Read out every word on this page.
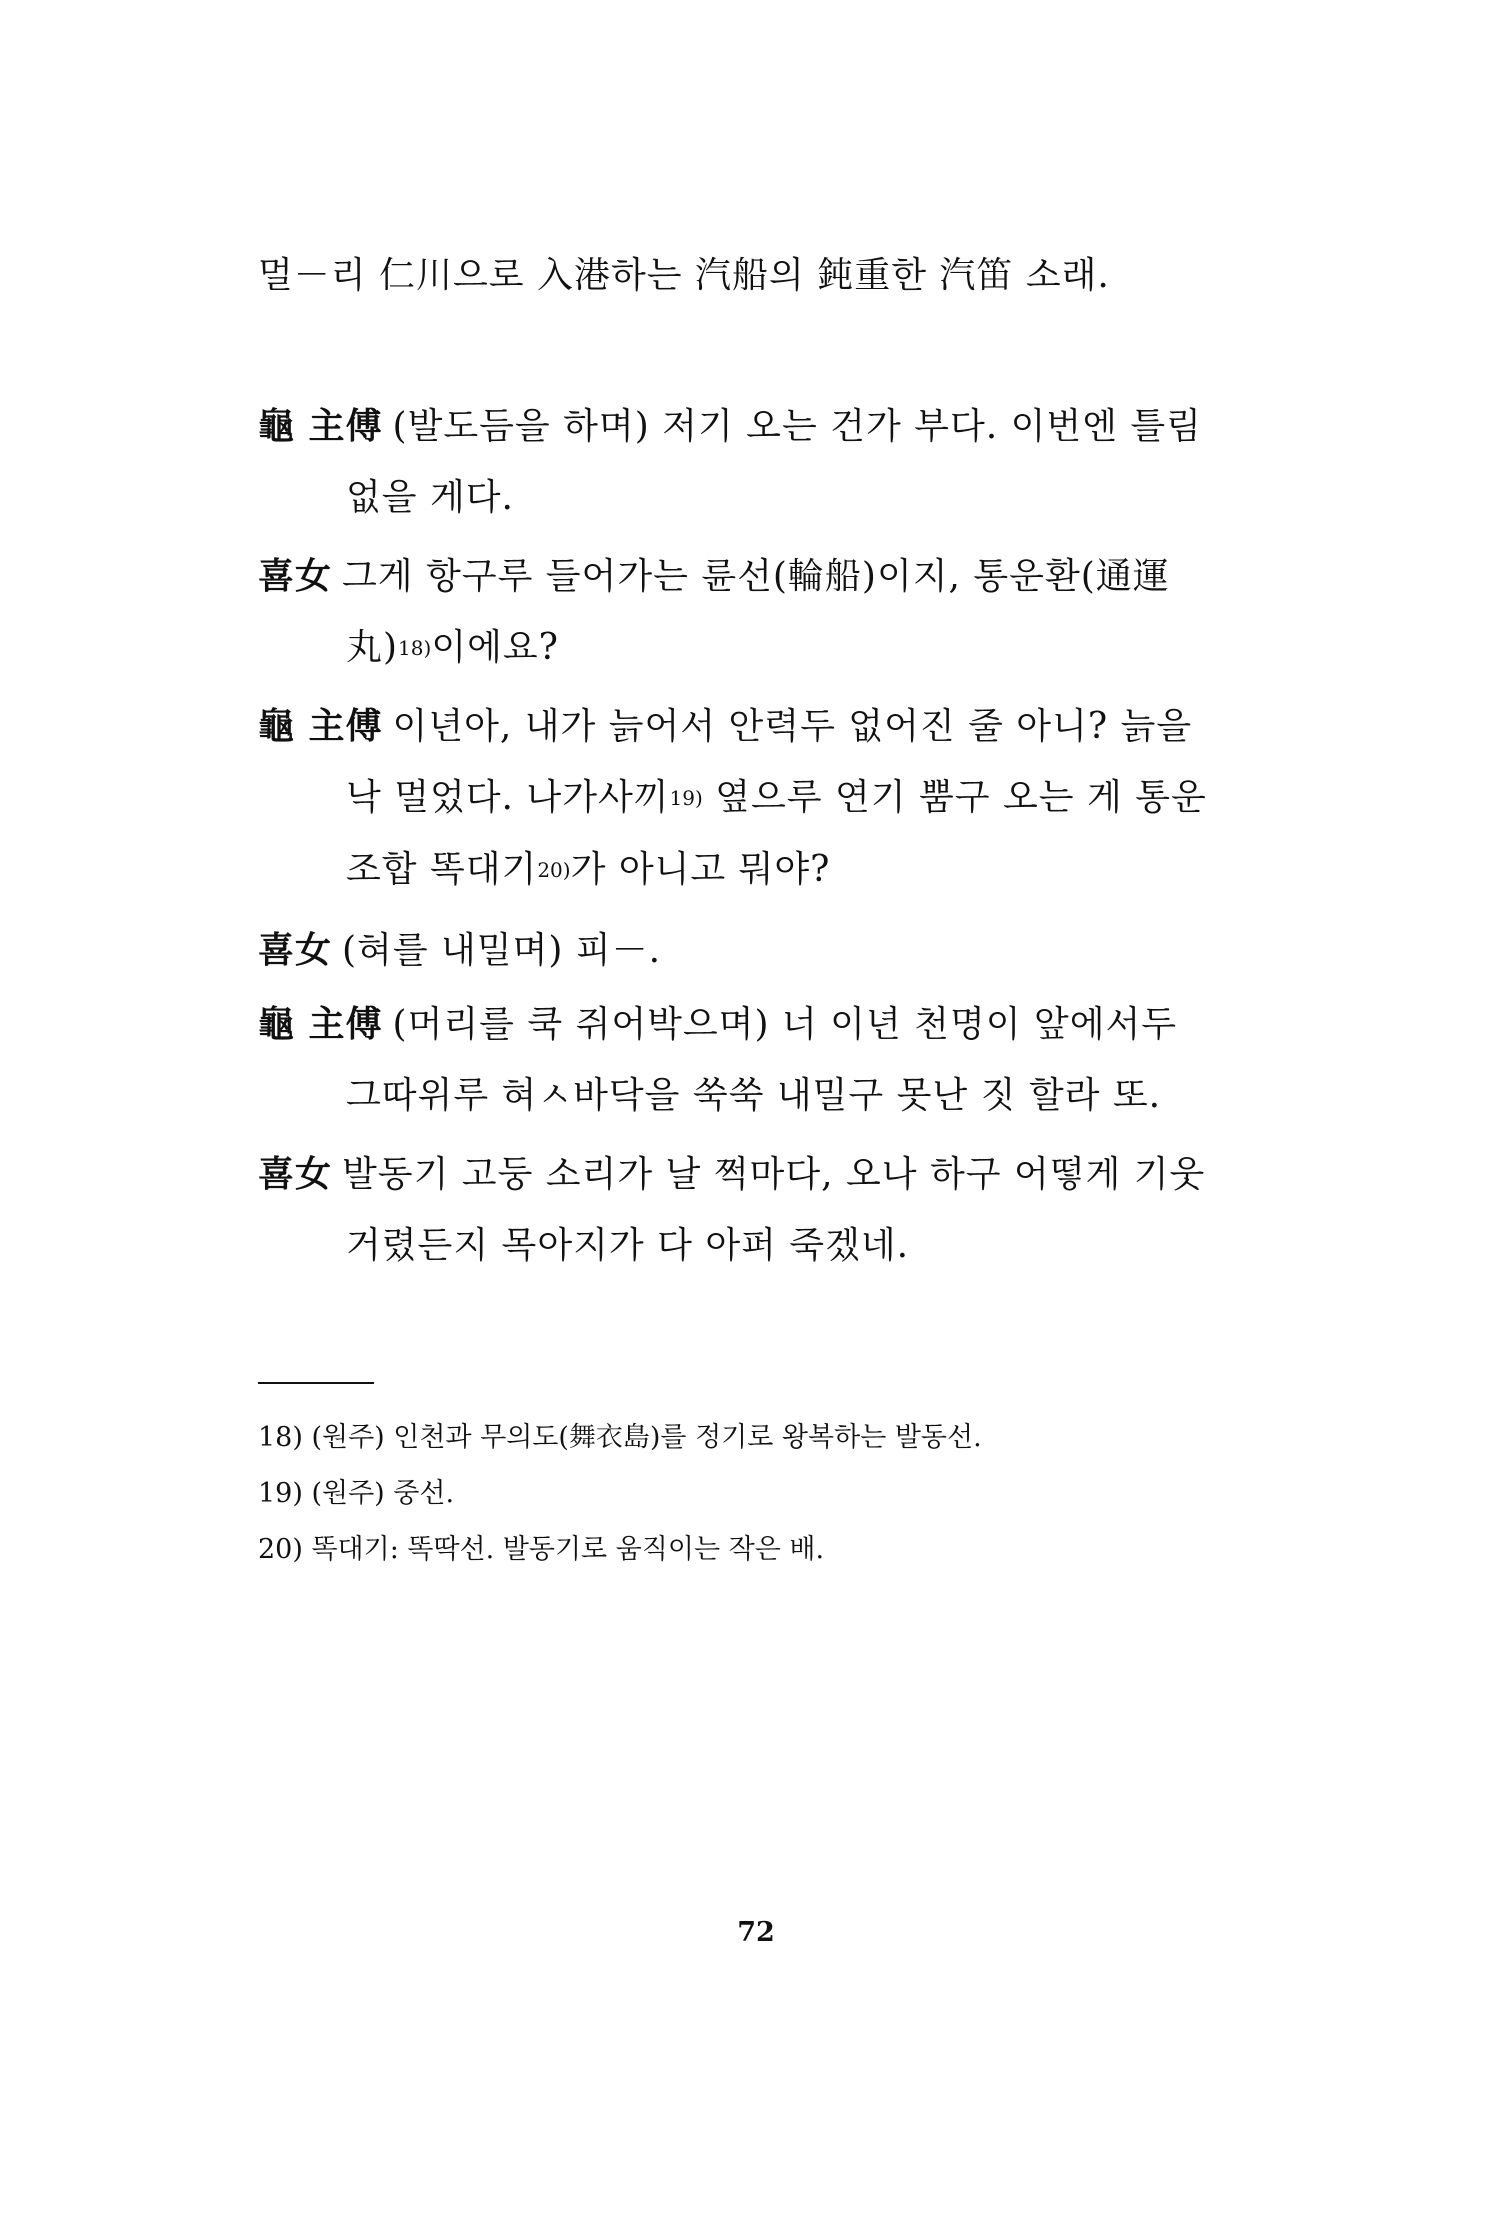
멀－리 仁川으로 入港하는 汽船의 鈍重한 汽笛 소래.
龜 主傅 (발도듬을 하며) 저기 오는 건가 부다. 이번엔 틀림
없을 게다.
喜女 그게 항구루 들어가는 륜선(輪船)이지, 통운환(通運
丸)$^{18)}$이에요?
龜 主傅 이년아, 내가 늙어서 안력두 없어진 줄 아니? 늙을
낙 멀었다. 나가사끼$^{19)}$ 옆으루 연기 뿜구 오는 게 통운
조합 똑대기$^{20)}$가 아니고 뭐야?
喜女 (혀를 내밀며) 피－.
龜 主傅 (머리를 쿡 쥐어박으며) 너 이년 천명이 앞에서두
그따위루 혀ㅅ바닥을 쑥쑥 내밀구 못난 짓 할라 또.
喜女 발동기 고둥 소리가 날 쩍마다, 오나 하구 어떻게 기웃
거렸든지 목아지가 다 아퍼 죽겠네.
18) (원주) 인천과 무의도(舞衣島)를 정기로 왕복하는 발동선.
19) (원주) 중선.
20) 똑대기: 똑딱선. 발동기로 움직이는 작은 배.
72
